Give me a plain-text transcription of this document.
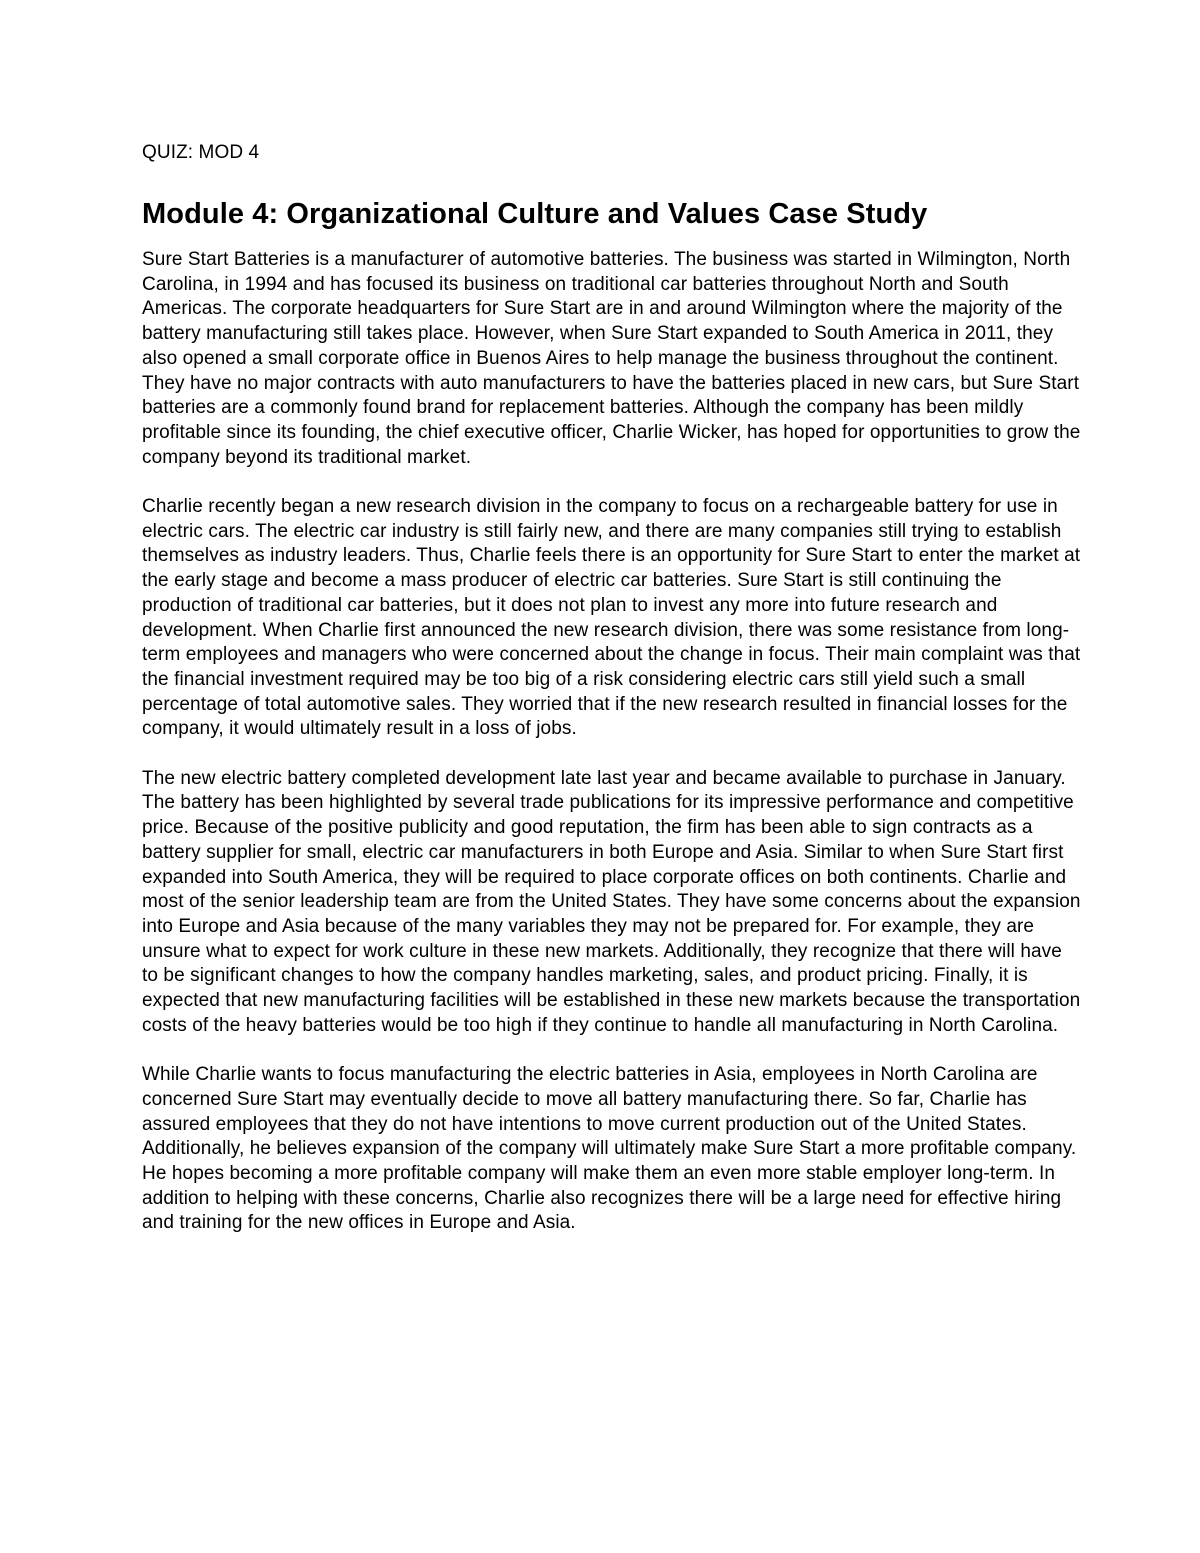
QUIZ: MOD 4

Module 4: Organizational Culture and Values Case Study

Sure Start Batteries is a manufacturer of automotive batteries. The business was started in Wilmington, North Carolina, in 1994 and has focused its business on traditional car batteries throughout North and South Americas. The corporate headquarters for Sure Start are in and around Wilmington where the majority of the battery manufacturing still takes place. However, when Sure Start expanded to South America in 2011, they also opened a small corporate office in Buenos Aires to help manage the business throughout the continent. They have no major contracts with auto manufacturers to have the batteries placed in new cars, but Sure Start batteries are a commonly found brand for replacement batteries. Although the company has been mildly profitable since its founding, the chief executive officer, Charlie Wicker, has hoped for opportunities to grow the company beyond its traditional market.

Charlie recently began a new research division in the company to focus on a rechargeable battery for use in electric cars. The electric car industry is still fairly new, and there are many companies still trying to establish themselves as industry leaders. Thus, Charlie feels there is an opportunity for Sure Start to enter the market at the early stage and become a mass producer of electric car batteries. Sure Start is still continuing the production of traditional car batteries, but it does not plan to invest any more into future research and development. When Charlie first announced the new research division, there was some resistance from long-term employees and managers who were concerned about the change in focus. Their main complaint was that the financial investment required may be too big of a risk considering electric cars still yield such a small percentage of total automotive sales. They worried that if the new research resulted in financial losses for the company, it would ultimately result in a loss of jobs.

The new electric battery completed development late last year and became available to purchase in January. The battery has been highlighted by several trade publications for its impressive performance and competitive price. Because of the positive publicity and good reputation, the firm has been able to sign contracts as a battery supplier for small, electric car manufacturers in both Europe and Asia. Similar to when Sure Start first expanded into South America, they will be required to place corporate offices on both continents. Charlie and most of the senior leadership team are from the United States. They have some concerns about the expansion into Europe and Asia because of the many variables they may not be prepared for. For example, they are unsure what to expect for work culture in these new markets. Additionally, they recognize that there will have to be significant changes to how the company handles marketing, sales, and product pricing. Finally, it is expected that new manufacturing facilities will be established in these new markets because the transportation costs of the heavy batteries would be too high if they continue to handle all manufacturing in North Carolina.

While Charlie wants to focus manufacturing the electric batteries in Asia, employees in North Carolina are concerned Sure Start may eventually decide to move all battery manufacturing there. So far, Charlie has assured employees that they do not have intentions to move current production out of the United States. Additionally, he believes expansion of the company will ultimately make Sure Start a more profitable company. He hopes becoming a more profitable company will make them an even more stable employer long-term. In addition to helping with these concerns, Charlie also recognizes there will be a large need for effective hiring and training for the new offices in Europe and Asia.
